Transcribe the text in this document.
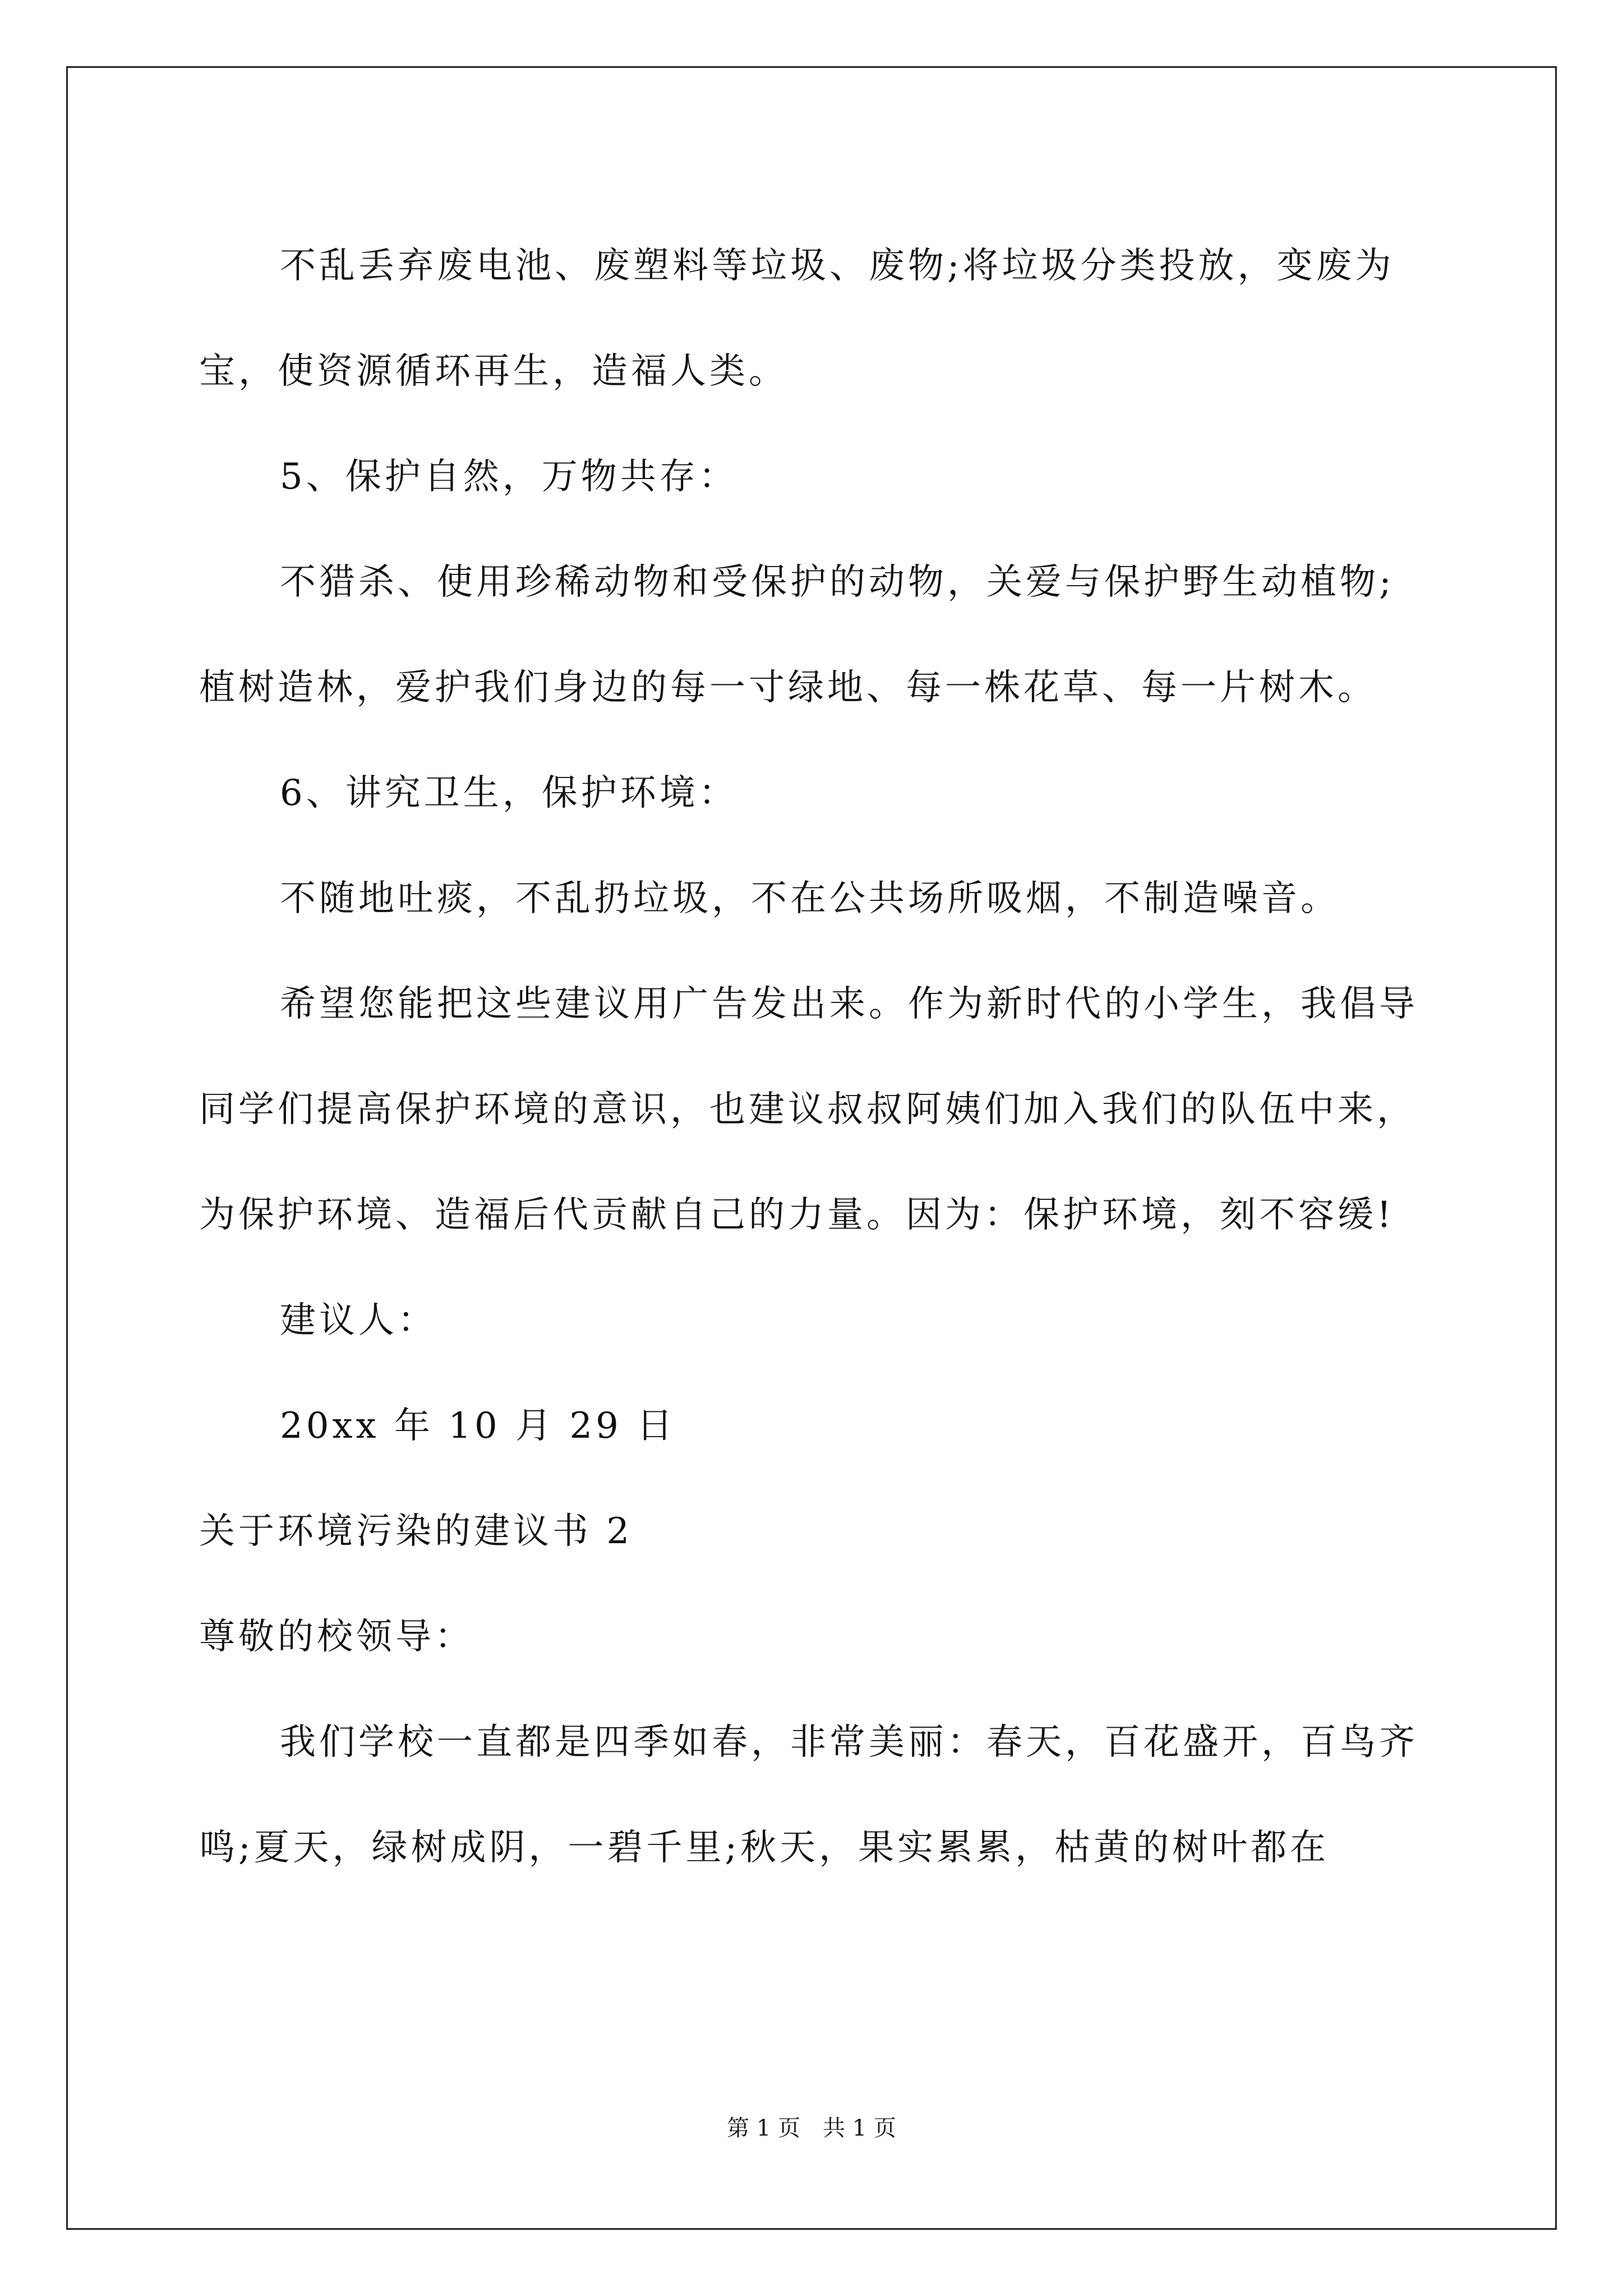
不乱丢弃废电池、废塑料等垃圾、废物;将垃圾分类投放，变废为宝，使资源循环再生，造福人类。

5、保护自然，万物共存：

不猎杀、使用珍稀动物和受保护的动物，关爱与保护野生动植物;植树造林，爱护我们身边的每一寸绿地、每一株花草、每一片树木。

6、讲究卫生，保护环境：

不随地吐痰，不乱扔垃圾，不在公共场所吸烟，不制造噪音。

希望您能把这些建议用广告发出来。作为新时代的小学生，我倡导同学们提高保护环境的意识，也建议叔叔阿姨们加入我们的队伍中来，为保护环境、造福后代贡献自己的力量。因为：保护环境，刻不容缓!

建议人：

20xx 年 10 月 29 日

关于环境污染的建议书 2

尊敬的校领导：

我们学校一直都是四季如春，非常美丽：春天，百花盛开，百鸟齐鸣;夏天，绿树成阴，一碧千里;秋天，果实累累，枯黄的树叶都在

第 1 页　共 1 页
